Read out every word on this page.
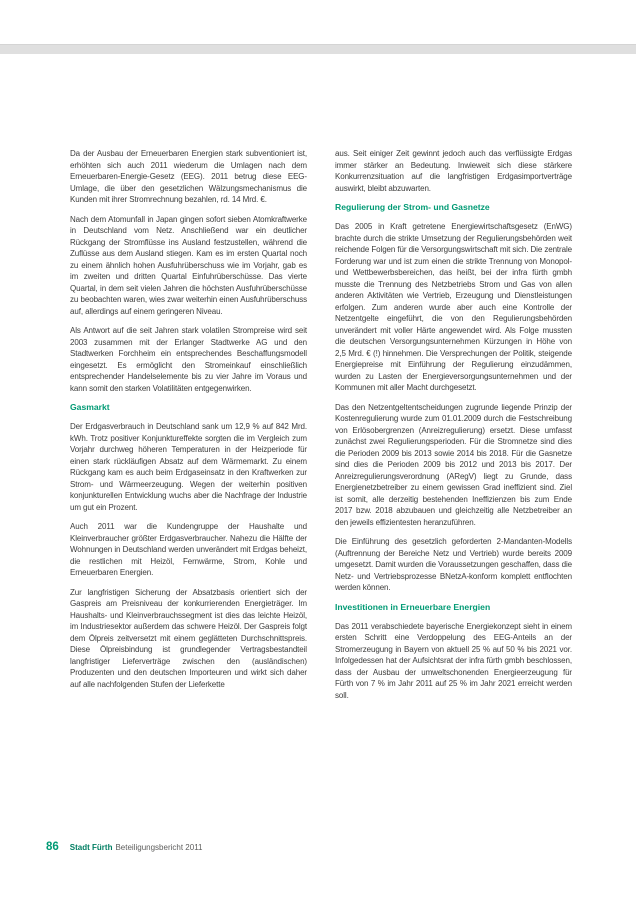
Da der Ausbau der Erneuerbaren Energien stark subventioniert ist, erhöhten sich auch 2011 wiederum die Umlagen nach dem Erneuerbaren-Energie-Gesetz (EEG). 2011 betrug diese EEG-Umlage, die über den gesetzlichen Wälzungsmechanismus die Kunden mit ihrer Stromrechnung bezahlen, rd. 14 Mrd. €.

Nach dem Atomunfall in Japan gingen sofort sieben Atomkraftwerke in Deutschland vom Netz. Anschließend war ein deutlicher Rückgang der Stromflüsse ins Ausland festzustellen, während die Zuflüsse aus dem Ausland stiegen. Kam es im ersten Quartal noch zu einem ähnlich hohen Ausfuhrüberschuss wie im Vorjahr, gab es im zweiten und dritten Quartal Einfuhrüberschüsse. Das vierte Quartal, in dem seit vielen Jahren die höchsten Ausfuhrüberschüsse zu beobachten waren, wies zwar weiterhin einen Ausfuhrüberschuss auf, allerdings auf einem geringeren Niveau.

Als Antwort auf die seit Jahren stark volatilen Strompreise wird seit 2003 zusammen mit der Erlanger Stadtwerke AG und den Stadtwerken Forchheim ein entsprechendes Beschaffungsmodell eingesetzt. Es ermöglicht den Stromeinkauf einschließlich entsprechender Handelselemente bis zu vier Jahre im Voraus und kann somit den starken Volatilitäten entgegenwirken.

Gasmarkt

Der Erdgasverbrauch in Deutschland sank um 12,9 % auf 842 Mrd. kWh. Trotz positiver Konjunktureffekte sorgten die im Vergleich zum Vorjahr durchweg höheren Temperaturen in der Heizperiode für einen stark rückläufigen Absatz auf dem Wärmemarkt. Zu einem Rückgang kam es auch beim Erdgaseinsatz in den Kraftwerken zur Strom- und Wärmeerzeugung. Wegen der weiterhin positiven konjunkturellen Entwicklung wuchs aber die Nachfrage der Industrie um gut ein Prozent.

Auch 2011 war die Kundengruppe der Haushalte und Kleinverbraucher größter Erdgasverbraucher. Nahezu die Hälfte der Wohnungen in Deutschland werden unverändert mit Erdgas beheizt, die restlichen mit Heizöl, Fernwärme, Strom, Kohle und Erneuerbaren Energien.

Zur langfristigen Sicherung der Absatzbasis orientiert sich der Gaspreis am Preisniveau der konkurrierenden Energieträger. Im Haushalts- und Kleinverbrauchssegment ist dies das leichte Heizöl, im Industriesektor außerdem das schwere Heizöl. Der Gaspreis folgt dem Ölpreis zeitversetzt mit einem geglätteten Durchschnittspreis. Diese Ölpreisbindung ist grundlegender Vertragsbestandteil langfristiger Lieferverträge zwischen den (ausländischen) Produzenten und den deutschen Importeuren und wirkt sich daher auf alle nachfolgenden Stufen der Lieferkette

aus. Seit einiger Zeit gewinnt jedoch auch das verflüssigte Erdgas immer stärker an Bedeutung. Inwieweit sich diese stärkere Konkurrenzsituation auf die langfristigen Erdgasimportverträge auswirkt, bleibt abzuwarten.

Regulierung der Strom- und Gasnetze

Das 2005 in Kraft getretene Energiewirtschaftsgesetz (EnWG) brachte durch die strikte Umsetzung der Regulierungsbehörden weit reichende Folgen für die Versorgungswirtschaft mit sich. Die zentrale Forderung war und ist zum einen die strikte Trennung von Monopol- und Wettbewerbsbereichen, das heißt, bei der infra fürth gmbh musste die Trennung des Netzbetriebs Strom und Gas von allen anderen Aktivitäten wie Vertrieb, Erzeugung und Dienstleistungen erfolgen. Zum anderen wurde aber auch eine Kontrolle der Netzentgelte eingeführt, die von den Regulierungsbehörden unverändert mit voller Härte angewendet wird. Als Folge mussten die deutschen Versorgungsunternehmen Kürzungen in Höhe von 2,5 Mrd. € (!) hinnehmen. Die Versprechungen der Politik, steigende Energiepreise mit Einführung der Regulierung einzudämmen, wurden zu Lasten der Energieversorgungsunternehmen und der Kommunen mit aller Macht durchgesetzt.

Das den Netzentgeltentscheidungen zugrunde liegende Prinzip der Kostenregulierung wurde zum 01.01.2009 durch die Festschreibung von Erlösobergrenzen (Anreizregulierung) ersetzt. Diese umfasst zunächst zwei Regulierungsperioden. Für die Stromnetze sind dies die Perioden 2009 bis 2013 sowie 2014 bis 2018. Für die Gasnetze sind dies die Perioden 2009 bis 2012 und 2013 bis 2017. Der Anreizregulierungsverordnung (ARegV) liegt zu Grunde, dass Energienetzbetreiber zu einem gewissen Grad ineffizient sind. Ziel ist somit, alle derzeitig bestehenden Ineffizienzen bis zum Ende 2017 bzw. 2018 abzubauen und gleichzeitig alle Netzbetreiber an den jeweils effizientesten heranzuführen.

Die Einführung des gesetzlich geforderten 2-Mandanten-Modells (Auftrennung der Bereiche Netz und Vertrieb) wurde bereits 2009 umgesetzt. Damit wurden die Voraussetzungen geschaffen, dass die Netz- und Vertriebsprozesse BNetzA-konform komplett entflochten werden können.

Investitionen in Erneuerbare Energien

Das 2011 verabschiedete bayerische Energiekonzept sieht in einem ersten Schritt eine Verdoppelung des EEG-Anteils an der Stromerzeugung in Bayern von aktuell 25 % auf 50 % bis 2021 vor. Infolgedessen hat der Aufsichtsrat der infra fürth gmbh beschlossen, dass der Ausbau der umweltschonenden Energieerzeugung für Fürth von 7 % im Jahr 2011 auf 25 % im Jahr 2021 erreicht werden soll.

86 Stadt Fürth Beteiligungsbericht 2011
